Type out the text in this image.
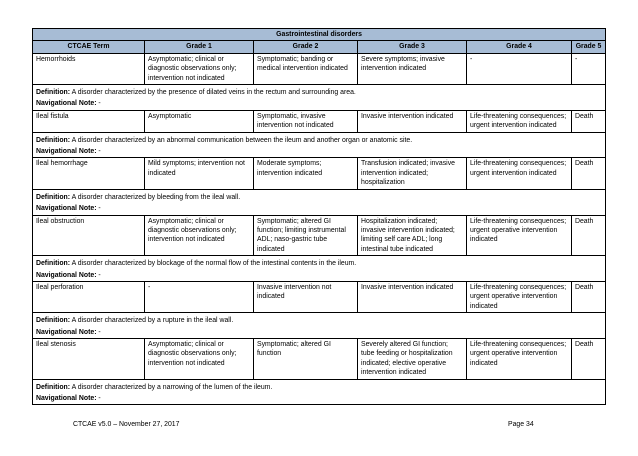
Gastrointestinal disorders					
CTCAE Term	Grade 1	Grade 2	Grade 3	Grade 4	Grade 5
Hemorrhoids	Asymptomatic; clinical or diagnostic observations only; intervention not indicated	Symptomatic; banding or medical intervention indicated	Severe symptoms; invasive intervention indicated	-	-
Definition: A disorder characterized by the presence of dilated veins in the rectum and surrounding area.					
Navigational Note: -					
Ileal fistula	Asymptomatic	Symptomatic, invasive intervention not indicated	Invasive intervention indicated	Life-threatening consequences; urgent intervention indicated	Death
Definition: A disorder characterized by an abnormal communication between the ileum and another organ or anatomic site.					
Navigational Note: -					
Ileal hemorrhage	Mild symptoms; intervention not indicated	Moderate symptoms; intervention indicated	Transfusion indicated; invasive intervention indicated; hospitalization	Life-threatening consequences; urgent intervention indicated	Death
Definition: A disorder characterized by bleeding from the ileal wall.					
Navigational Note: -					
Ileal obstruction	Asymptomatic; clinical or diagnostic observations only; intervention not indicated	Symptomatic; altered GI function; limiting instrumental ADL; naso-gastric tube indicated	Hospitalization indicated; invasive intervention indicated; limiting self care ADL; long intestinal tube indicated	Life-threatening consequences; urgent operative intervention indicated	Death
Definition: A disorder characterized by blockage of the normal flow of the intestinal contents in the ileum.					
Navigational Note: -					
Ileal perforation	-	Invasive intervention not indicated	Invasive intervention indicated	Life-threatening consequences; urgent operative intervention indicated	Death
Definition: A disorder characterized by a rupture in the ileal wall.					
Navigational Note: -					
Ileal stenosis	Asymptomatic; clinical or diagnostic observations only; intervention not indicated	Symptomatic; altered GI function	Severely altered GI function; tube feeding or hospitalization indicated; elective operative intervention indicated	Life-threatening consequences; urgent operative intervention indicated	Death
Definition: A disorder characterized by a narrowing of the lumen of the ileum.					
Navigational Note: -					
CTCAE v5.0 – November 27, 2017	Page 34
